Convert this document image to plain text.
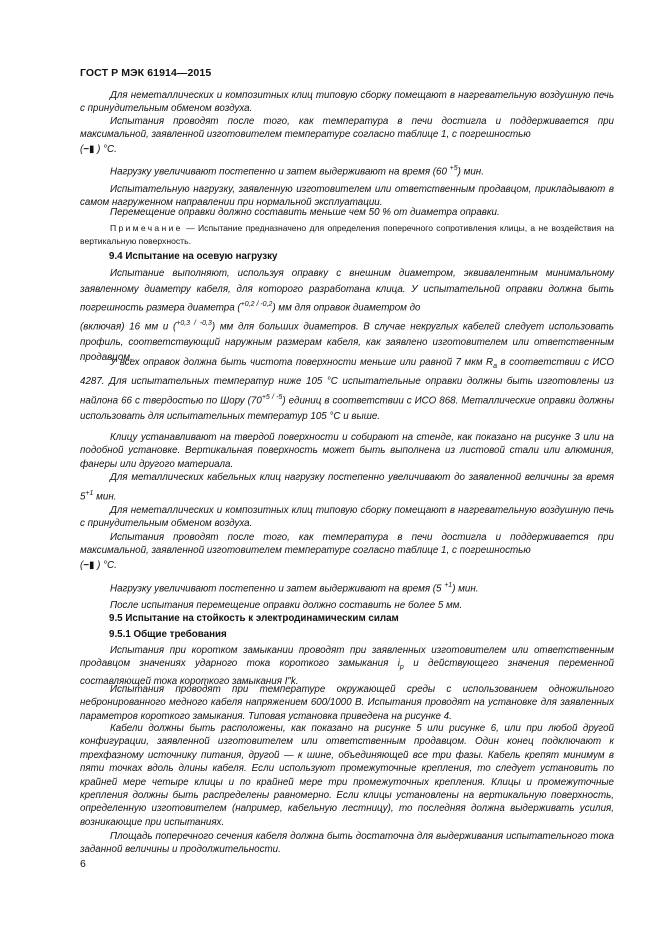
ГОСТ Р МЭК 61914—2015

Для неметаллических и композитных клиц типовую сборку помещают в нагревательную воздушную печь с принудительным обменом воздуха.

Испытания проводят после того, как температура в печи достигла и поддерживается при максимальной, заявленной изготовителем температуре согласно таблице 1, с погрешностью

(−▮ ) °С.

Нагрузку увеличивают постепенно и затем выдерживают на время (60 $^{+5}$) мин.

Испытательную нагрузку, заявленную изготовителем или ответственным продавцом, прикладывают в самом нагруженном направлении при нормальной эксплуатации.

Перемещение оправки должно составить меньше чем 50 % от диаметра оправки.

Примечание — Испытание предназначено для определения поперечного сопротивления клицы, а не воздействия на вертикальную поверхность.

9.4 Испытание на осевую нагрузку

Испытание выполняют, используя оправку с внешним диаметром, эквивалентным минимальному заявленному диаметру кабеля, для которого разработана клица. У испытательной оправки должна быть погрешность размера диаметра ($^{+0,2 / -0,2}$) мм для оправок диаметром до

(включая) 16 мм и ($^{+0,3 / -0,3}$) мм для больших диаметров. В случае некруглых кабелей следует использовать профиль, соответствующий наружным размерам кабеля, как заявлено изготовителем или ответственным продавцом.

У всех оправок должна быть чистота поверхности меньше или равной 7 мкм $R_a$ в соответствии с ИСО 4287. Для испытательных температур ниже 105 °С испытательные оправки должны быть изготовлены из найлона 66 с твердостью по Шору $(70^{+5 / -5})$ единиц в соответствии с ИСО 868. Металлические оправки должны использовать для испытательных температур 105 °С и выше.

Клицу устанавливают на твердой поверхности и собирают на стенде, как показано на рисунке 3 или на подобной установке. Вертикальная поверхность может быть выполнена из листовой стали или алюминия, фанеры или другого материала.

Для металлических кабельных клиц нагрузку постепенно увеличивают до заявленной величины за время $5^{+1}$ мин.

Для неметаллических и композитных клиц типовую сборку помещают в нагревательную воздушную печь с принудительным обменом воздуха.

Испытания проводят после того, как температура в печи достигла и поддерживается при максимальной, заявленной изготовителем температуре согласно таблице 1, с погрешностью

(−▮ ) °С.

Нагрузку увеличивают постепенно и затем выдерживают на время (5 $^{+1}$) мин.

После испытания перемещение оправки должно составить не более 5 мм.

9.5 Испытание на стойкость к электродинамическим силам

9.5.1 Общие требования

Испытания при коротком замыкании проводят при заявленных изготовителем или ответственным продавцом значениях ударного тока короткого замыкания $i_p$ и действующего значения переменной составляющей тока короткого замыкания I"k.

Испытания проводят при температуре окружающей среды с использованием одножильного небронированного медного кабеля напряжением 600/1000 В. Испытания проводят на установке для заявленных параметров короткого замыкания. Типовая установка приведена на рисунке 4.

Кабели должны быть расположены, как показано на рисунке 5 или рисунке 6, или при любой другой конфигурации, заявленной изготовителем или ответственным продавцом. Один конец подключают к трехфазному источнику питания, другой — к шине, объединяющей все три фазы. Кабель крепят минимум в пяти точках вдоль длины кабеля. Если используют промежуточные крепления, то следует установить по крайней мере четыре клицы и по крайней мере три промежуточных крепления. Клицы и промежуточные крепления должны быть распределены равномерно. Если клицы установлены на вертикальную поверхность, определенную изготовителем (например, кабельную лестницу), то последняя должна выдерживать усилия, возникающие при испытаниях.

Площадь поперечного сечения кабеля должна быть достаточна для выдерживания испытательного тока заданной величины и продолжительности.

6
